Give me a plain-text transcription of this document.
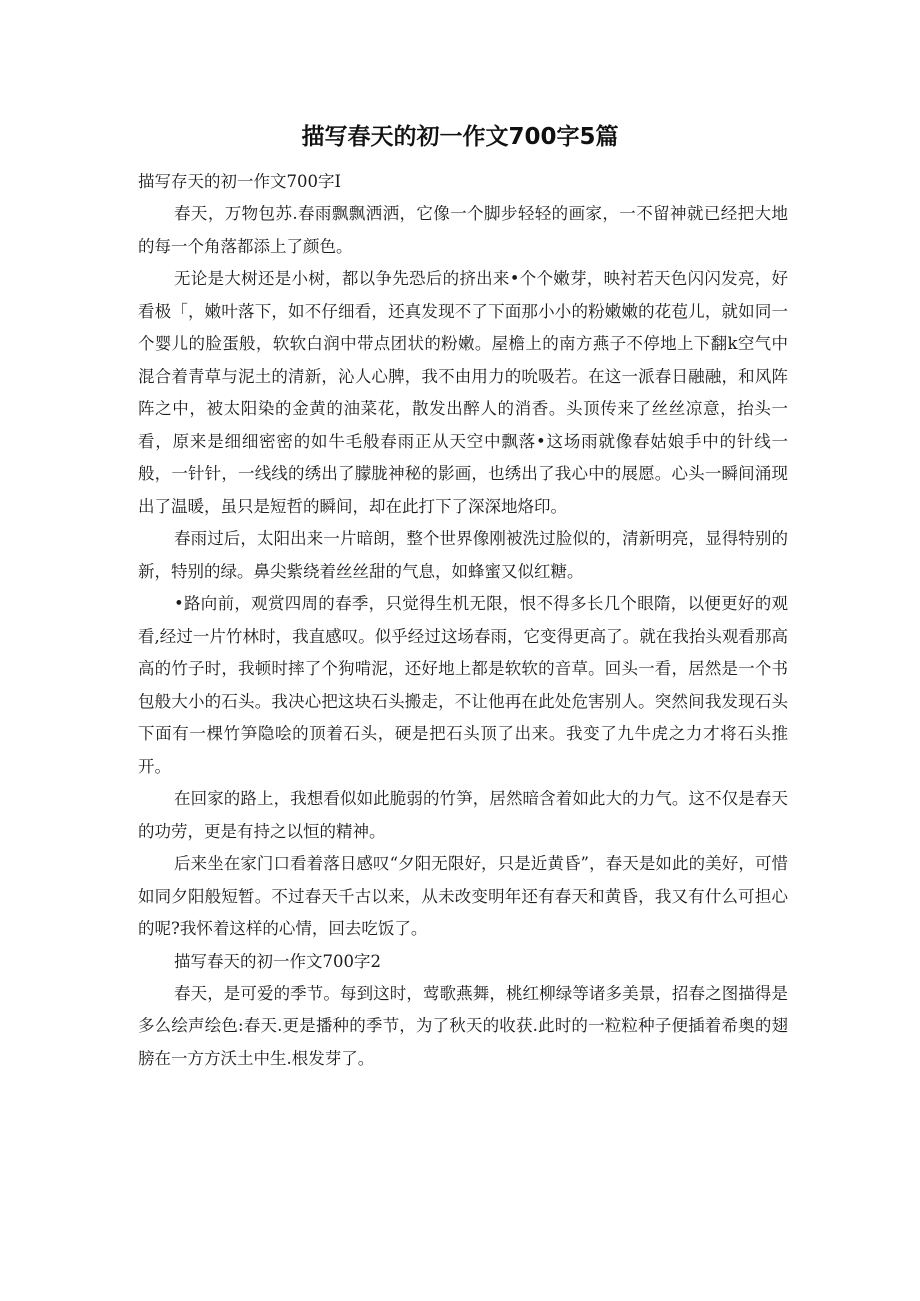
描写春天的初一作文700字5篇

描写存天的初一作文700字I

春天，万物包苏.春雨飘飘洒洒，它像一个脚步轻轻的画家，一不留神就已经把大地的每一个角落都添上了颜色。

无论是大树还是小树，都以争先恐后的挤出来•个个嫩芽，映衬若天色闪闪发亮，好看极「，嫩叶落下，如不仔细看，还真发现不了下面那小小的粉嫩嫩的花苞儿，就如同一个婴儿的脸蛋般，软软白润中带点团状的粉嫩。屋檐上的南方燕子不停地上下翻k空气中混合着青草与泥土的清新，沁人心脾，我不由用力的吮吸若。在这一派春日融融，和风阵阵之中，被太阳染的金黄的油菜花，散发出醉人的消香。头顶传来了丝丝凉意，抬头一看，原来是细细密密的如牛毛般春雨正从天空中飘落•这场雨就像春姑娘手中的针线一般，一针针，一线线的绣出了朦胧神秘的影画，也绣出了我心中的展愿。心头一瞬间涌现出了温暖，虽只是短哲的瞬间，却在此打下了深深地烙印。

春雨过后，太阳出来一片暗朗，整个世界像刚被洗过脸似的，清新明亮，显得特别的新，特别的绿。鼻尖紫绕着丝丝甜的气息，如蜂蜜又似红糖。

•路向前，观赏四周的春季，只觉得生机无限，恨不得多长几个眼隋，以便更好的观看,经过一片竹林时，我直感叹。似乎经过这场春雨，它变得更高了。就在我抬头观看那高高的竹子时，我顿时摔了个狗啃泥，还好地上都是软软的音草。回头一看，居然是一个书包般大小的石头。我决心把这块石头搬走，不让他再在此处危害别人。突然间我发现石头下面有一棵竹笋隐哙的顶着石头，硬是把石头顶了出来。我变了九牛虎之力才将石头推开。

在回家的路上，我想看似如此脆弱的竹笋，居然暗含着如此大的力气。这不仅是春天的功劳，更是有持之以恒的精神。

后来坐在家门口看着落日感叹“夕阳无限好，只是近黄昏”，春天是如此的美好，可惜如同夕阳般短暂。不过春天千古以来，从未改变明年还有春天和黄昏，我又有什么可担心的呢?我怀着这样的心情，回去吃饭了。

描写春天的初一作文700字2

春天，是可爱的季节。每到这时，莺歌燕舞，桃红柳绿等诸多美景，招春之图描得是多么绘声绘色:春天.更是播种的季节，为了秋天的收获.此时的一粒粒种子便插着希奥的翅膀在一方方沃土中生.根发芽了。
